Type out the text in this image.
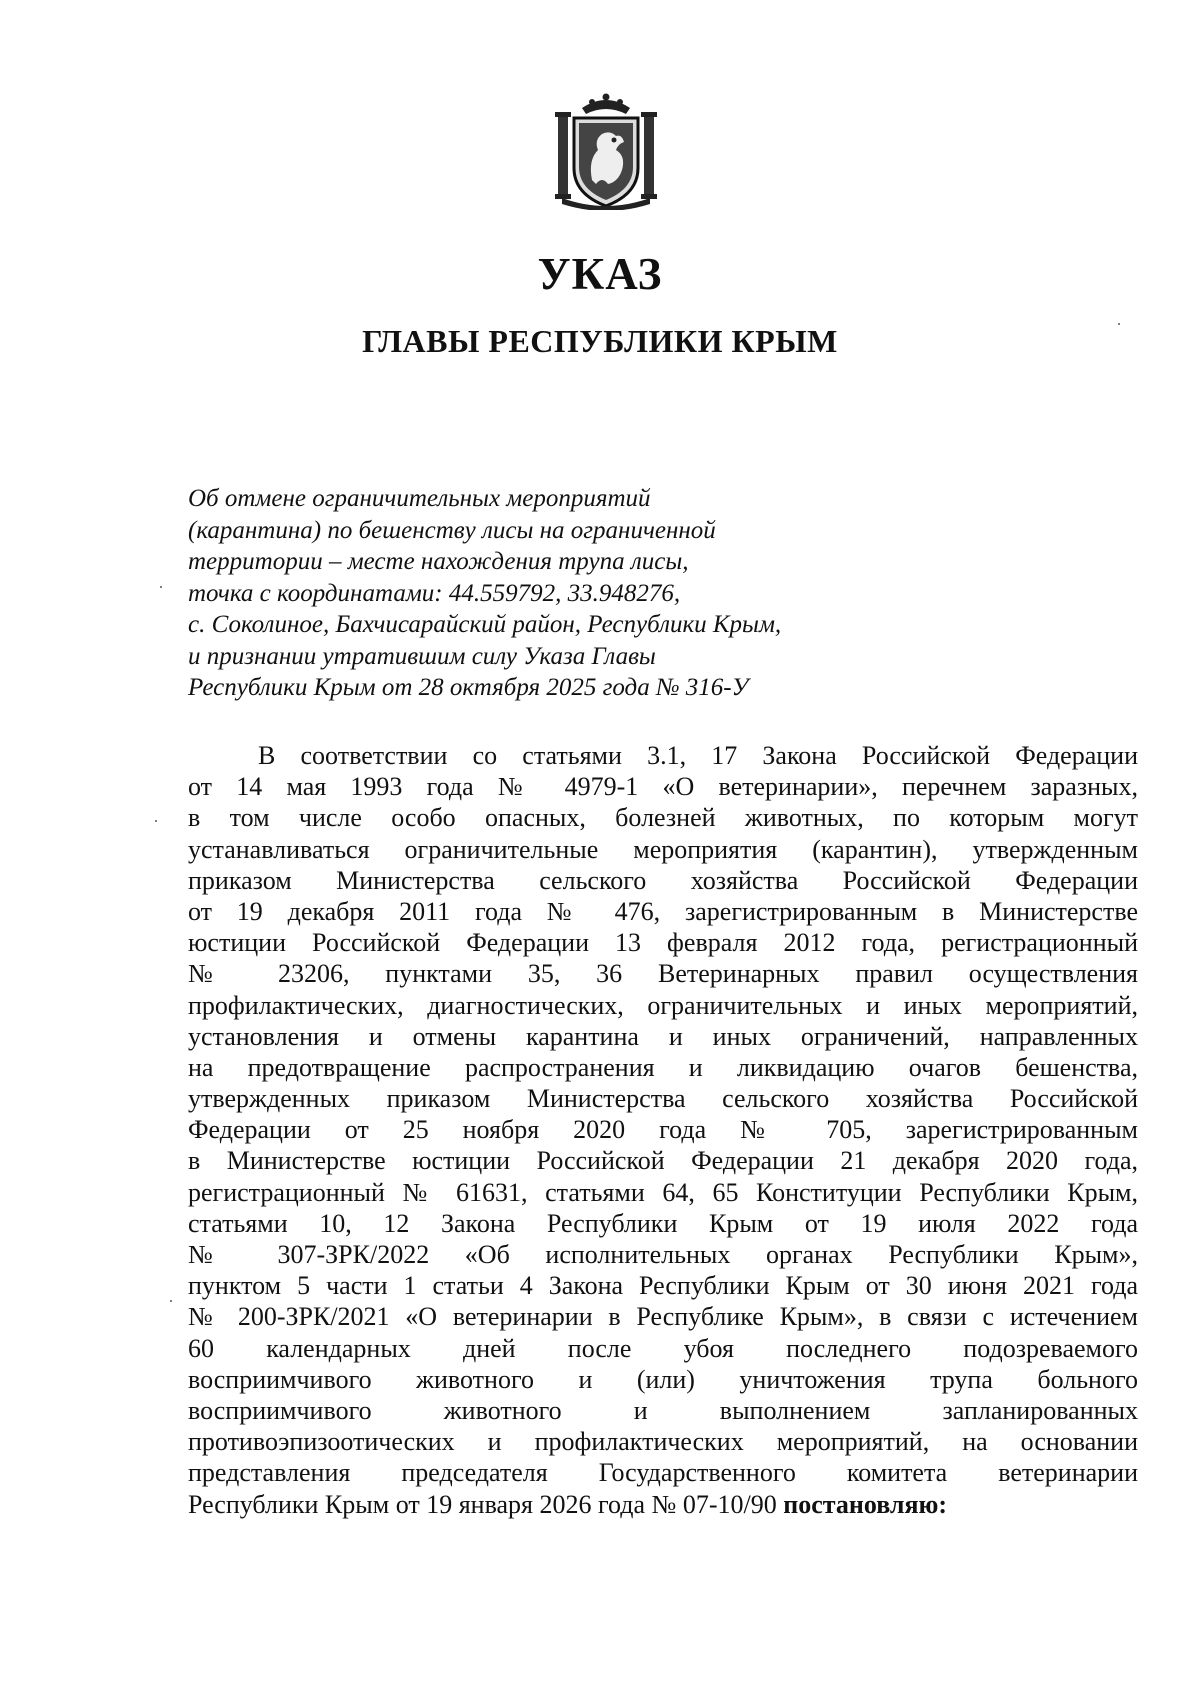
УКАЗ
ГЛАВЫ РЕСПУБЛИКИ КРЫМ
Об отмене ограничительных мероприятий
(карантина) по бешенству лисы на ограниченной
территории – месте нахождения трупа лисы,
точка с координатами: 44.559792, 33.948276,
с. Соколиное, Бахчисарайский район, Республики Крым,
и признании утратившим силу Указа Главы
Республики Крым от 28 октября 2025 года № 316-У
В соответствии со статьями 3.1, 17 Закона Российской Федерации
от 14 мая 1993 года № 4979-1 «О ветеринарии», перечнем заразных,
в том числе особо опасных, болезней животных, по которым могут
устанавливаться ограничительные мероприятия (карантин), утвержденным
приказом Министерства сельского хозяйства Российской Федерации
от 19 декабря 2011 года № 476, зарегистрированным в Министерстве
юстиции Российской Федерации 13 февраля 2012 года, регистрационный
№ 23206, пунктами 35, 36 Ветеринарных правил осуществления
профилактических, диагностических, ограничительных и иных мероприятий,
установления и отмены карантина и иных ограничений, направленных
на предотвращение распространения и ликвидацию очагов бешенства,
утвержденных приказом Министерства сельского хозяйства Российской
Федерации от 25 ноября 2020 года № 705, зарегистрированным
в Министерстве юстиции Российской Федерации 21 декабря 2020 года,
регистрационный № 61631, статьями 64, 65 Конституции Республики Крым,
статьями 10, 12 Закона Республики Крым от 19 июля 2022 года
№ 307-ЗРК/2022 «Об исполнительных органах Республики Крым»,
пунктом 5 части 1 статьи 4 Закона Республики Крым от 30 июня 2021 года
№ 200-ЗРК/2021 «О ветеринарии в Республике Крым», в связи с истечением
60 календарных дней после убоя последнего подозреваемого
восприимчивого животного и (или) уничтожения трупа больного
восприимчивого животного и выполнением запланированных
противоэпизоотических и профилактических мероприятий, на основании
представления председателя Государственного комитета ветеринарии
Республики Крым от 19 января 2026 года № 07-10/90 постановляю:
